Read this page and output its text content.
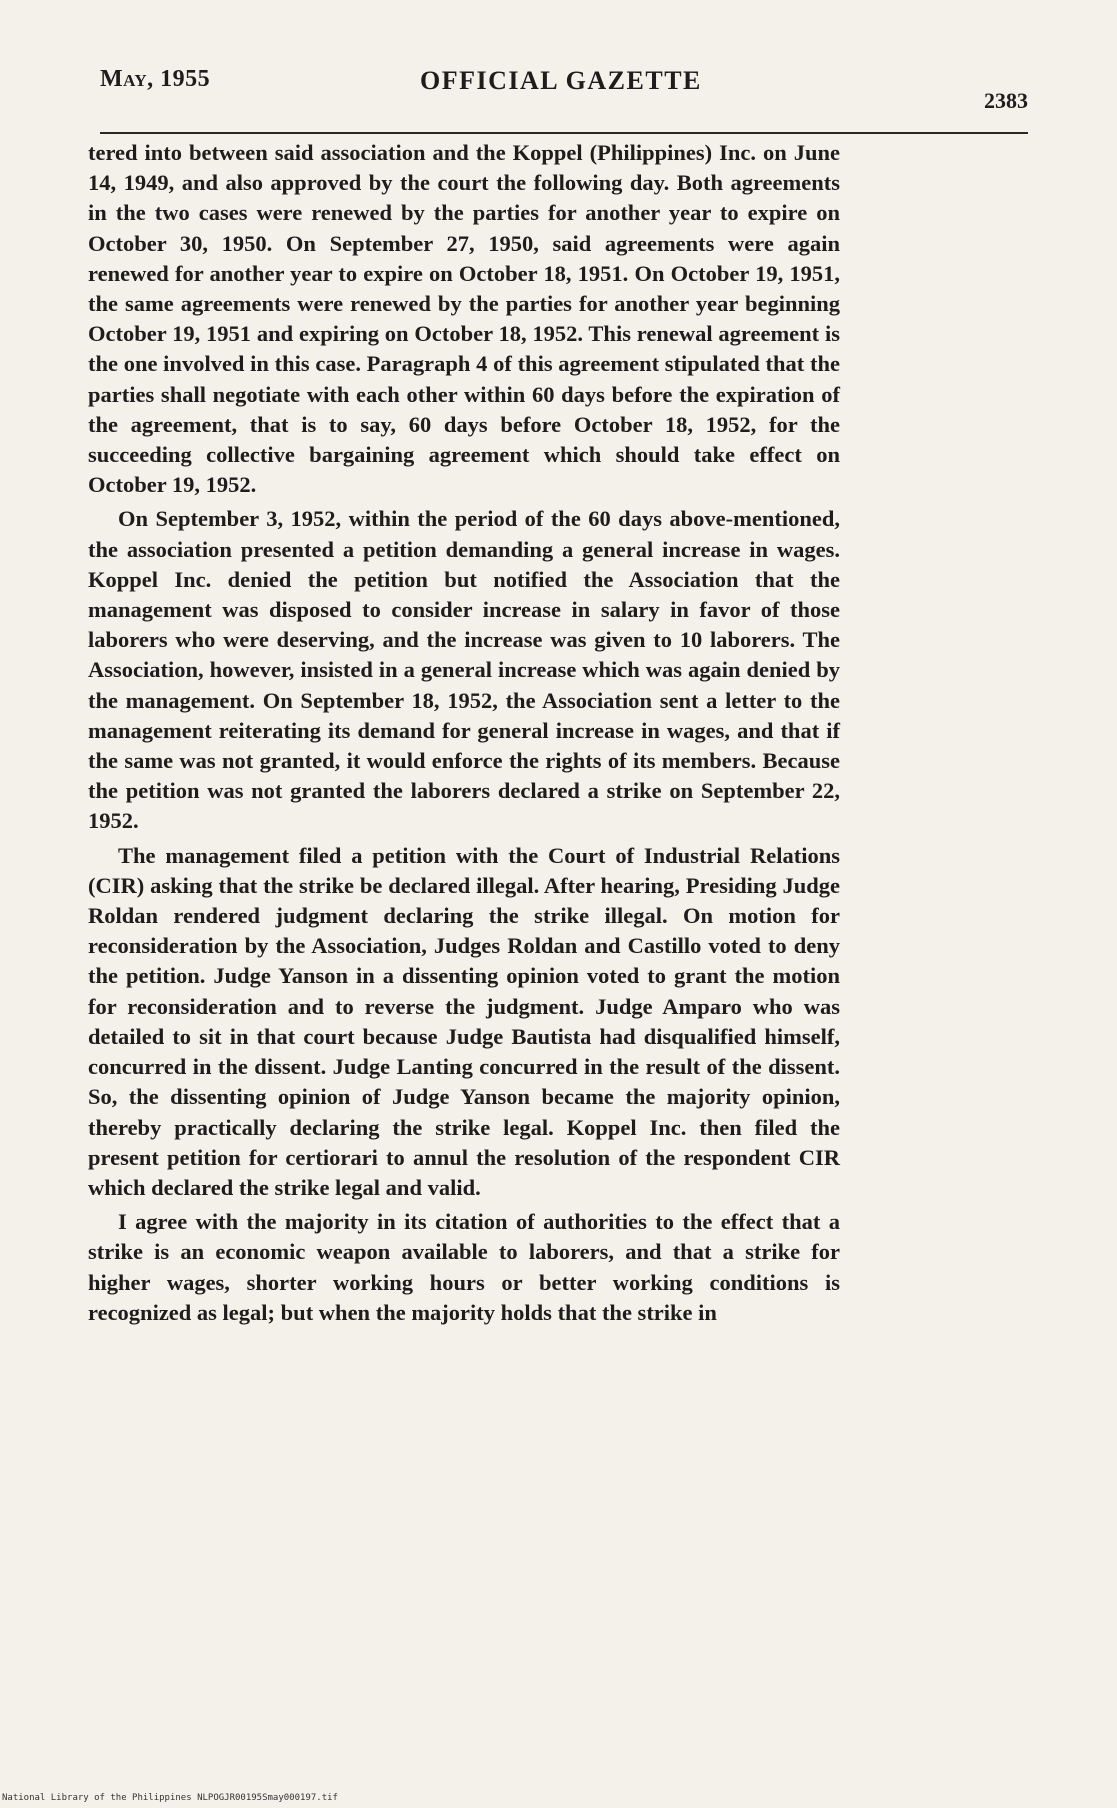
May, 1955	OFFICIAL GAZETTE
2383

tered into between said association and the Koppel (Philippines) Inc. on June 14, 1949, and also approved by the court the following day. Both agreements in the two cases were renewed by the parties for another year to expire on October 30, 1950. On September 27, 1950, said agreements were again renewed for another year to expire on October 18, 1951. On October 19, 1951, the same agreements were renewed by the parties for another year beginning October 19, 1951 and expiring on October 18, 1952. This renewal agreement is the one involved in this case. Paragraph 4 of this agreement stipulated that the parties shall negotiate with each other within 60 days before the expiration of the agreement, that is to say, 60 days before October 18, 1952, for the succeeding collective bargaining agreement which should take effect on October 19, 1952.

On September 3, 1952, within the period of the 60 days above-mentioned, the association presented a petition demanding a general increase in wages. Koppel Inc. denied the petition but notified the Association that the management was disposed to consider increase in salary in favor of those laborers who were deserving, and the increase was given to 10 laborers. The Association, however, insisted in a general increase which was again denied by the management. On September 18, 1952, the Association sent a letter to the management reiterating its demand for general increase in wages, and that if the same was not granted, it would enforce the rights of its members. Because the petition was not granted the laborers declared a strike on September 22, 1952.

The management filed a petition with the Court of Industrial Relations (CIR) asking that the strike be declared illegal. After hearing, Presiding Judge Roldan rendered judgment declaring the strike illegal. On motion for reconsideration by the Association, Judges Roldan and Castillo voted to deny the petition. Judge Yanson in a dissenting opinion voted to grant the motion for reconsideration and to reverse the judgment. Judge Amparo who was detailed to sit in that court because Judge Bautista had disqualified himself, concurred in the dissent. Judge Lanting concurred in the result of the dissent. So, the dissenting opinion of Judge Yanson became the majority opinion, thereby practically declaring the strike legal. Koppel Inc. then filed the present petition for certiorari to annul the resolution of the respondent CIR which declared the strike legal and valid.

I agree with the majority in its citation of authorities to the effect that a strike is an economic weapon available to laborers, and that a strike for higher wages, shorter working hours or better working conditions is recognized as legal; but when the majority holds that the strike in

National Library of the Philippines NLPOGJR00195Smay000197.tif
